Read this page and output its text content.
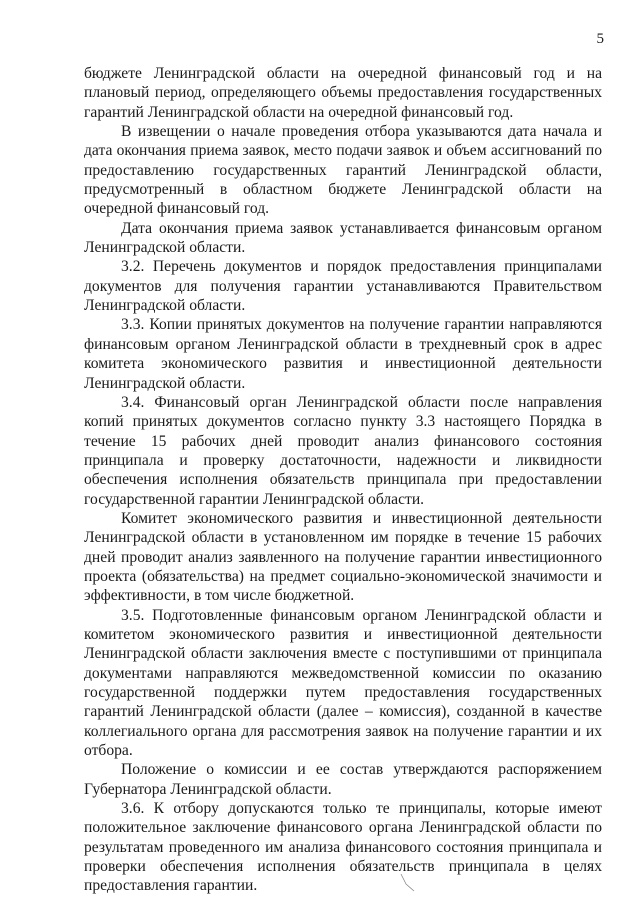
5

бюджете Ленинградской области на очередной финансовый год и на плановый период, определяющего объемы предоставления государственных гарантий Ленинградской области на очередной финансовый год.

В извещении о начале проведения отбора указываются дата начала и дата окончания приема заявок, место подачи заявок и объем ассигнований по предоставлению государственных гарантий Ленинградской области, предусмотренный в областном бюджете Ленинградской области на очередной финансовый год.

Дата окончания приема заявок устанавливается финансовым органом Ленинградской области.

3.2. Перечень документов и порядок предоставления принципалами документов для получения гарантии устанавливаются Правительством Ленинградской области.

3.3. Копии принятых документов на получение гарантии направляются финансовым органом Ленинградской области в трехдневный срок в адрес комитета экономического развития и инвестиционной деятельности Ленинградской области.

3.4. Финансовый орган Ленинградской области после направления копий принятых документов согласно пункту 3.3 настоящего Порядка в течение 15 рабочих дней проводит анализ финансового состояния принципала и проверку достаточности, надежности и ликвидности обеспечения исполнения обязательств принципала при предоставлении государственной гарантии Ленинградской области.

Комитет экономического развития и инвестиционной деятельности Ленинградской области в установленном им порядке в течение 15 рабочих дней проводит анализ заявленного на получение гарантии инвестиционного проекта (обязательства) на предмет социально-экономической значимости и эффективности, в том числе бюджетной.

3.5. Подготовленные финансовым органом Ленинградской области и комитетом экономического развития и инвестиционной деятельности Ленинградской области заключения вместе с поступившими от принципала документами направляются межведомственной комиссии по оказанию государственной поддержки путем предоставления государственных гарантий Ленинградской области (далее – комиссия), созданной в качестве коллегиального органа для рассмотрения заявок на получение гарантии и их отбора.

Положение о комиссии и ее состав утверждаются распоряжением Губернатора Ленинградской области.

3.6. К отбору допускаются только те принципалы, которые имеют положительное заключение финансового органа Ленинградской области по результатам проведенного им анализа финансового состояния принципала и проверки обеспечения исполнения обязательств принципала в целях предоставления гарантии.
